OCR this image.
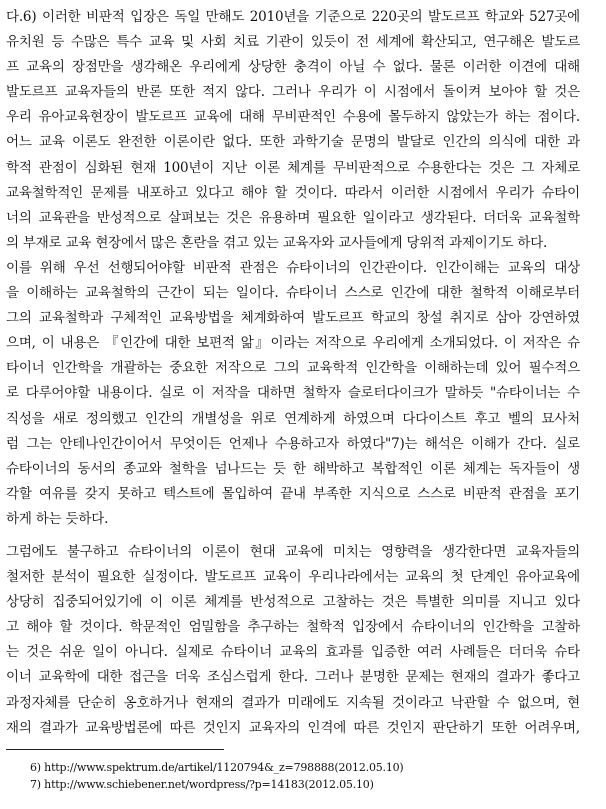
다.6) 이러한 비판적 입장은 독일 만해도 2010년을 기준으로 220곳의 발도르프 학교와 527곳에
유치원 등 수많은 특수 교육 및 사회 치료 기관이 있듯이 전 세계에 확산되고, 연구해온 발도르
프 교육의 장점만을 생각해온 우리에게 상당한 충격이 아닐 수 없다. 물론 이러한 이견에 대해
발도르프 교육자들의 반론 또한 적지 않다. 그러나 우리가 이 시점에서 돌이켜 보아야 할 것은
우리 유아교육현장이 발도르프 교육에 대해 무비판적인 수용에 몰두하지 않았는가 하는 점이다.
어느 교육 이론도 완전한 이론이란 없다. 또한 과학기술 문명의 발달로 인간의 의식에 대한 과
학적 관점이 심화된 현재 100년이 지난 이론 체계를 무비판적으로 수용한다는 것은 그 자체로
교육철학적인 문제를 내포하고 있다고 해야 할 것이다. 따라서 이러한 시점에서 우리가 슈타이
너의 교육관을 반성적으로 살펴보는 것은 유용하며 필요한 일이라고 생각된다. 더더욱 교육철학
의 부재로 교육 현장에서 많은 혼란을 겪고 있는 교육자와 교사들에게 당위적 과제이기도 하다.
이를 위해 우선 선행되어야할 비판적 관점은 슈타이너의 인간관이다. 인간이해는 교육의 대상
을 이해하는 교육철학의 근간이 되는 일이다. 슈타이너 스스로 인간에 대한 철학적 이해로부터
그의 교육철학과 구체적인 교육방법을 체계화하여 발도르프 학교의 창설 취지로 삼아 강연하였
으며, 이 내용은 『인간에 대한 보편적 앎』이라는 저작으로 우리에게 소개되었다. 이 저작은 슈
타이너 인간학을 개괄하는 중요한 저작으로 그의 교육학적 인간학을 이해하는데 있어 필수적으
로 다루어야할 내용이다. 실로 이 저작을 대하면 철학자 슬로터다이크가 말하듯 "슈타이너는 수
직성을 새로 정의했고 인간의 개별성을 위로 연계하게 하였으며 다다이스트 후고 벨의 묘사처
럼 그는 안테나인간이어서 무엇이든 언제나 수용하고자 하였다"7)는 해석은 이해가 간다. 실로
슈타이너의 동서의 종교와 철학을 넘나드는 듯 한 해박하고 복합적인 이론 체계는 독자들이 생
각할 여유를 갖지 못하고 텍스트에 몰입하여 끝내 부족한 지식으로 스스로 비판적 관점을 포기
하게 하는 듯하다.
그럼에도 불구하고 슈타이너의 이론이 현대 교육에 미치는 영향력을 생각한다면 교육자들의
철저한 분석이 필요한 실정이다. 발도르프 교육이 우리나라에서는 교육의 첫 단계인 유아교육에
상당히 집중되어있기에 이 이론 체계를 반성적으로 고찰하는 것은 특별한 의미를 지니고 있다
고 해야 할 것이다. 학문적인 엄밀함을 추구하는 철학적 입장에서 슈타이너의 인간학을 고찰하
는 것은 쉬운 일이 아니다. 실제로 슈타이너 교육의 효과를 입증한 여러 사례들은 더더욱 슈타
이너 교육학에 대한 접근을 더욱 조심스럽게 한다. 그러나 분명한 문제는 현재의 결과가 좋다고
과정자체를 단순히 옹호하거나 현재의 결과가 미래에도 지속될 것이라고 낙관할 수 없으며, 현
재의 결과가 교육방법론에 따른 것인지 교육자의 인격에 따른 것인지 판단하기 또한 어려우며,
6) http://www.spektrum.de/artikel/1120794&_z=798888(2012.05.10)
7) http://www.schiebener.net/wordpress/?p=14183(2012.05.10)
